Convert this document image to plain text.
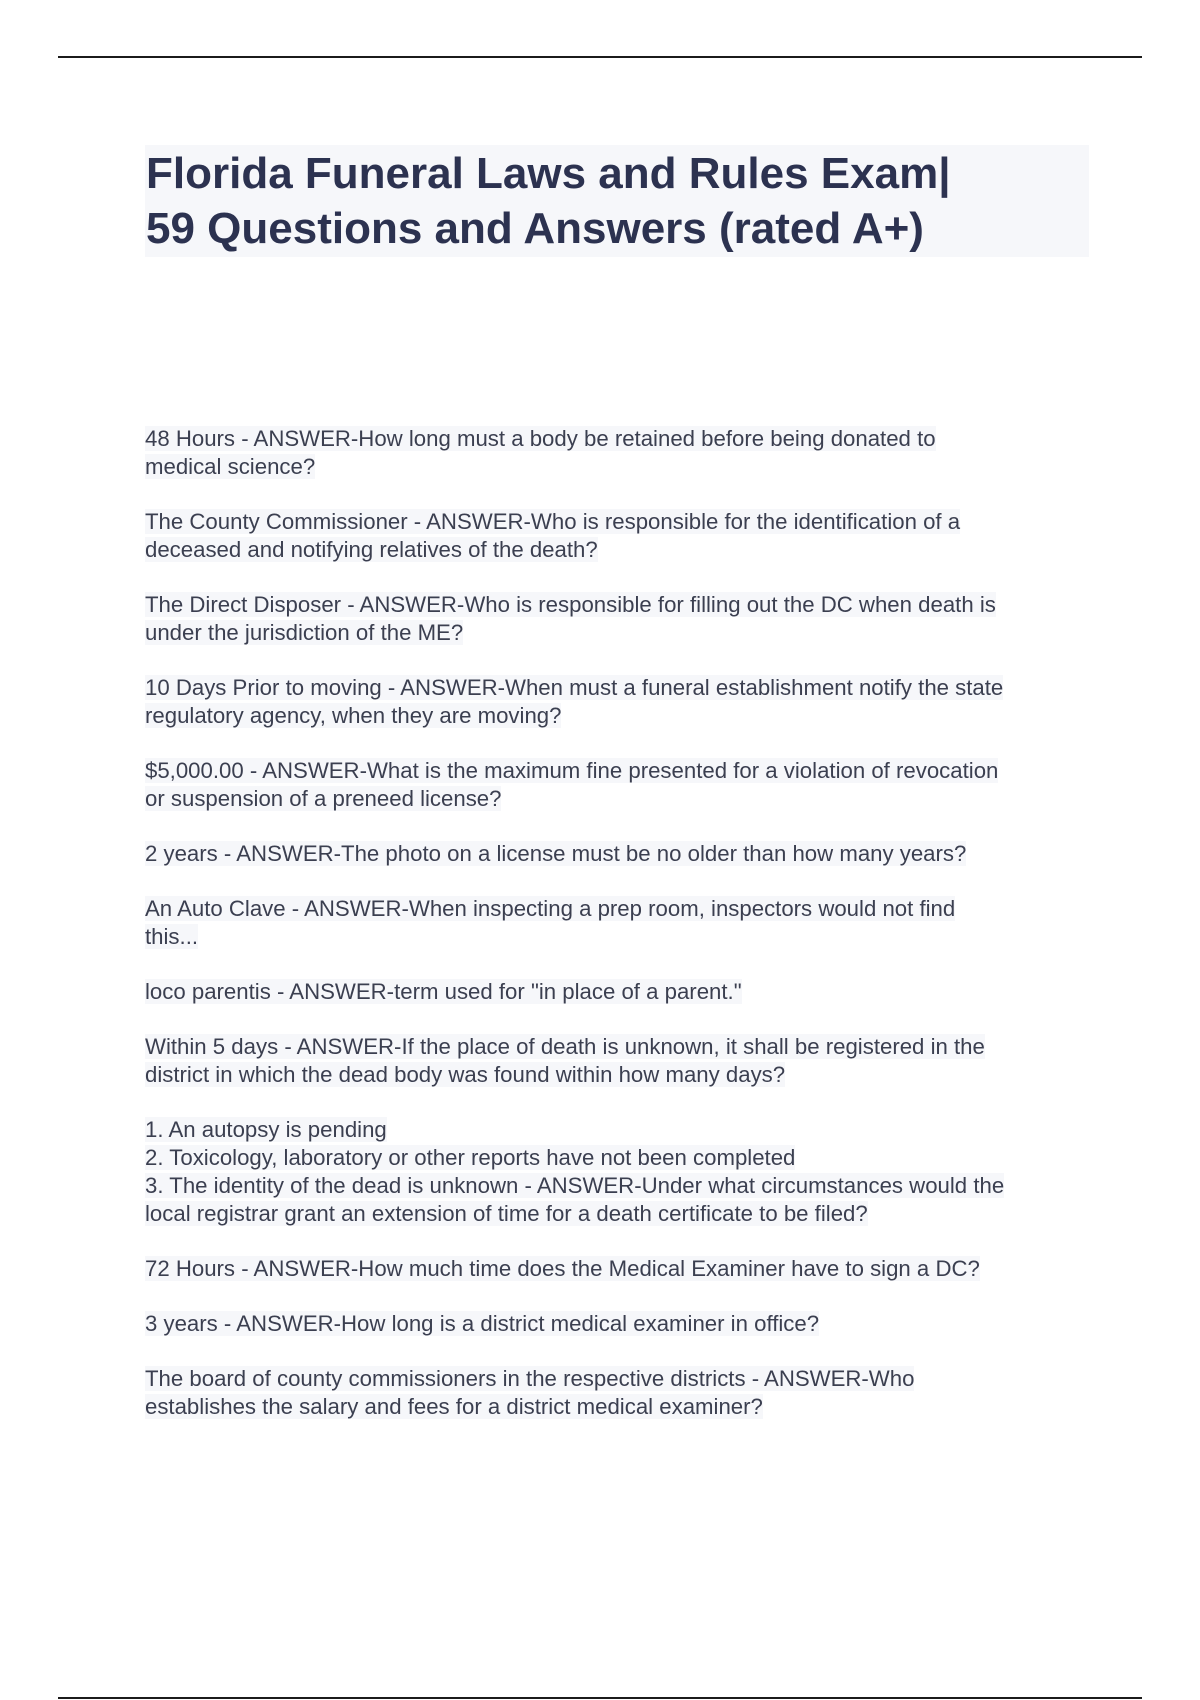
Florida Funeral Laws and Rules Exam|
59 Questions and Answers (rated A+)
48 Hours - ANSWER-How long must a body be retained before being donated to
medical science?
The County Commissioner - ANSWER-Who is responsible for the identification of a
deceased and notifying relatives of the death?
The Direct Disposer - ANSWER-Who is responsible for filling out the DC when death is
under the jurisdiction of the ME?
10 Days Prior to moving - ANSWER-When must a funeral establishment notify the state
regulatory agency, when they are moving?
$5,000.00 - ANSWER-What is the maximum fine presented for a violation of revocation
or suspension of a preneed license?
2 years - ANSWER-The photo on a license must be no older than how many years?
An Auto Clave - ANSWER-When inspecting a prep room, inspectors would not find
this...
loco parentis - ANSWER-term used for "in place of a parent."
Within 5 days - ANSWER-If the place of death is unknown, it shall be registered in the
district in which the dead body was found within how many days?
1. An autopsy is pending
2. Toxicology, laboratory or other reports have not been completed
3. The identity of the dead is unknown - ANSWER-Under what circumstances would the
local registrar grant an extension of time for a death certificate to be filed?
72 Hours - ANSWER-How much time does the Medical Examiner have to sign a DC?
3 years - ANSWER-How long is a district medical examiner in office?
The board of county commissioners in the respective districts - ANSWER-Who
establishes the salary and fees for a district medical examiner?
